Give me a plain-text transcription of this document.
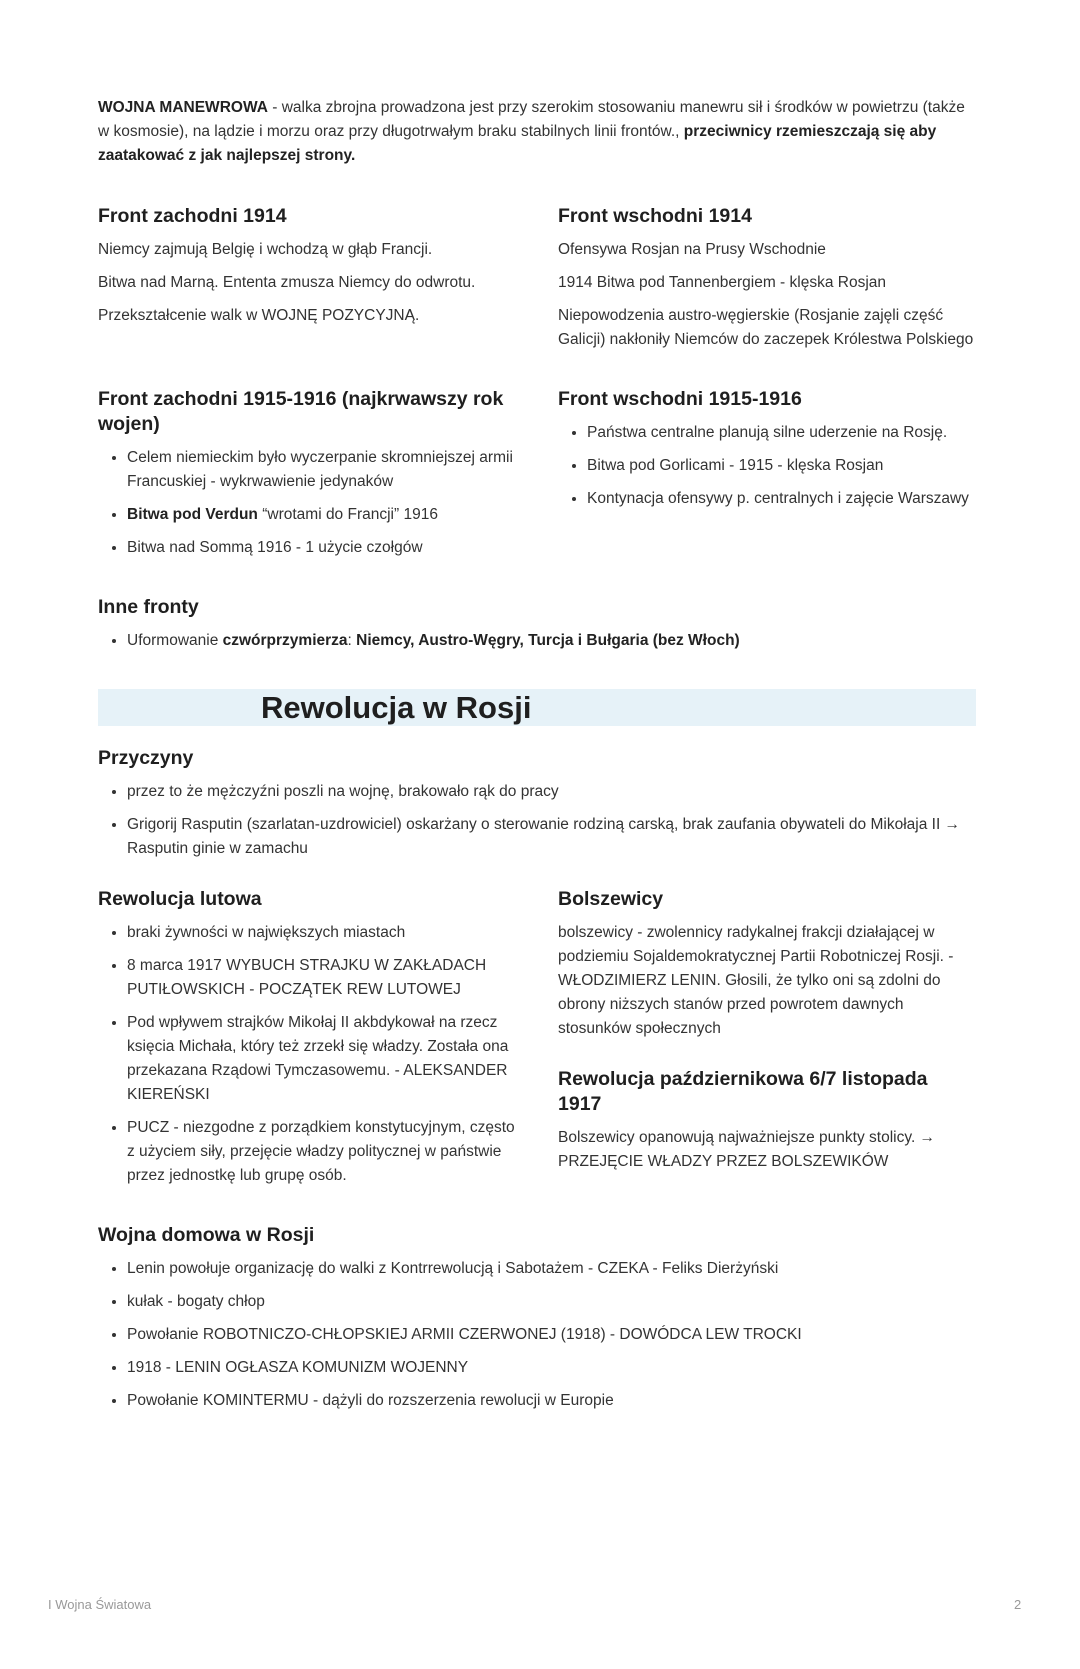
WOJNA MANEWROWA - walka zbrojna prowadzona jest przy szerokim stosowaniu manewru sił i środków w powietrzu (także w kosmosie), na lądzie i morzu oraz przy długotrwałym braku stabilnych linii frontów., przeciwnicy rzemieszczają się aby zaatakować z jak najlepszej strony.

Front zachodni 1914

Niemcy zajmują Belgię i wchodzą w głąb Francji.

Bitwa nad Marną. Ententa zmusza Niemcy do odwrotu.

Przekształcenie walk w WOJNĘ POZYCYJNĄ.

Front wschodni 1914

Ofensywa Rosjan na Prusy Wschodnie

1914 Bitwa pod Tannenbergiem - klęska Rosjan

Niepowodzenia austro-węgierskie (Rosjanie zajęli część Galicji) nakłoniły Niemców do zaczepek Królestwa Polskiego

Front zachodni 1915-1916 (najkrwawszy rok wojen)
• Celem niemieckim było wyczerpanie skromniejszej armii Francuskiej - wykrwawienie jedynaków
• Bitwa pod Verdun “wrotami do Francji” 1916
• Bitwa nad Sommą 1916 - 1 użycie czołgów
Front wschodni 1915-1916
• Państwa centralne planują silne uderzenie na Rosję.
• Bitwa pod Gorlicami - 1915 - klęska Rosjan
• Kontynacja ofensywy p. centralnych i zajęcie Warszawy
Inne fronty
• Uformowanie czwórprzymierza: Niemcy, Austro-Węgry, Turcja i Bułgaria (bez Włoch)
Rewolucja w Rosji
Przyczyny
• przez to że mężczyźni poszli na wojnę, brakowało rąk do pracy
• Grigorij Rasputin (szarlatan-uzdrowiciel) oskarżany o sterowanie rodziną carską, brak zaufania obywateli do Mikołaja II → Rasputin ginie w zamachu
Rewolucja lutowa
• braki żywności w największych miastach
• 8 marca 1917 WYBUCH STRAJKU W ZAKŁADACH PUTIŁOWSKICH - POCZĄTEK REW LUTOWEJ
• Pod wpływem strajków Mikołaj II akbdykował na rzecz księcia Michała, który też zrzekł się władzy. Została ona przekazana Rządowi Tymczasowemu. - ALEKSANDER KIEREŃSKI
• PUCZ - niezgodne z porządkiem konstytucyjnym, często z użyciem siły, przejęcie władzy politycznej w państwie przez jednostkę lub grupę osób.
Bolszewicy

bolszewicy - zwolennicy radykalnej frakcji działającej w podziemiu Sojaldemokratycznej Partii Robotniczej Rosji. - WŁODZIMIERZ LENIN. Głosili, że tylko oni są zdolni do obrony niższych stanów przed powrotem dawnych stosunków społecznych

Rewolucja październikowa 6/7 listopada 1917

Bolszewicy opanowują najważniejsze punkty stolicy. → PRZEJĘCIE WŁADZY PRZEZ BOLSZEWIKÓW

Wojna domowa w Rosji
• Lenin powołuje organizację do walki z Kontrrewolucją i Sabotażem - CZEKA - Feliks Dierżyński
• kułak - bogaty chłop
• Powołanie ROBOTNICZO-CHŁOPSKIEJ ARMII CZERWONEJ (1918) - DOWÓDCA LEW TROCKI
• 1918 - LENIN OGŁASZA KOMUNIZM WOJENNY
• Powołanie KOMINTERMU - dążyli do rozszerzenia rewolucji w Europie
I Wojna Światowa	2
